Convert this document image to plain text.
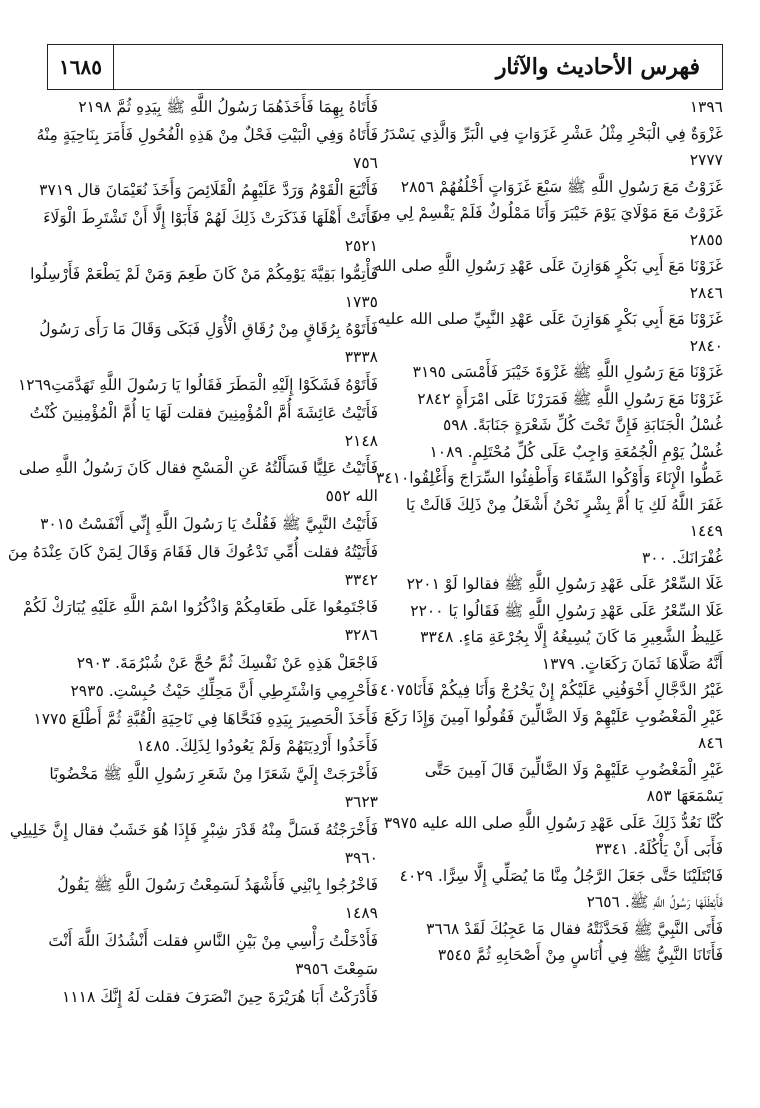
فهرس الأحاديث والآثار
١٦٨٥
١٣٩٦
غَزْوَةٌ فِي الْبَحْرِ مِثْلُ عَشْرِ غَزَوَاتٍ فِي الْبَرِّ وَالَّذِي يَسْدَرُ
٢٧٧٧
غَزَوْتُ مَعَ رَسُولِ اللَّهِ ﷺ سَبْعَ غَزَوَاتٍ أَخْلُفُهُمْ ٢٨٥٦
غَزَوْتُ مَعَ مَوْلَايَ يَوْمَ خَيْبَرَ وَأَنَا مَمْلُوكٌ فَلَمْ يَقْسِمْ لِي مِنَ
٢٨٥٥
غَزَوْنَا مَعَ أَبِي بَكْرٍ هَوَازِنَ عَلَى عَهْدِ رَسُولِ اللَّهِ صلى الله
٢٨٤٦
غَزَوْنَا مَعَ أَبِي بَكْرٍ هَوَازِنَ عَلَى عَهْدِ النَّبِيِّ صلى الله عليه
٢٨٤٠
غَزَوْنَا مَعَ رَسُولِ اللَّهِ ﷺ غَزْوَةَ خَيْبَرَ فَأَمْسَى ٣١٩٥
غَزَوْنَا مَعَ رَسُولِ اللَّهِ ﷺ فَمَرَرْنَا عَلَى امْرَأَةٍ ٢٨٤٢
غُسْلُ الْجَنَابَةِ فَإِنَّ تَحْتَ كُلِّ شَعْرَةٍ جَنَابَةً. ٥٩٨
غُسْلُ يَوْمِ الْجُمُعَةِ وَاجِبٌ عَلَى كُلِّ مُحْتَلِمٍ. ١٠٨٩
غَطُّوا الْإِنَاءَ وَأَوْكُوا السِّقَاءَ وَأَطْفِئُوا السِّرَاجَ وَأَغْلِقُوا٣٤١٠
غَفَرَ اللَّهُ لَكِ يَا أُمَّ بِشْرٍ نَحْنُ أَشْغَلُ مِنْ ذَلِكَ قَالَتْ يَا
١٤٤٩
غُفْرَانَكَ. ٣٠٠
غَلَا السِّعْرُ عَلَى عَهْدِ رَسُولِ اللَّهِ ﷺ فقالوا لَوْ ٢٢٠١
غَلَا السِّعْرُ عَلَى عَهْدِ رَسُولِ اللَّهِ ﷺ فَقَالُوا يَا ٢٢٠٠
غَلِيظُ الشَّعِيرِ مَا كَانَ يُسِيغُهُ إِلَّا بِجُرْعَةِ مَاءٍ. ٣٣٤٨
أَنَّهُ صَلَّاهَا ثَمَانَ رَكَعَاتٍ. ١٣٧٩
غَيْرُ الدَّجَّالِ أَخْوَفُنِي عَلَيْكُمْ إِنْ يَخْرُجْ وَأَنَا فِيكُمْ فَأَنَا٤٠٧٥
غَيْرِ الْمَغْضُوبِ عَلَيْهِمْ وَلَا الضَّالِّينَ فَقُولُوا آمِينَ وَإِذَا رَكَعَ
٨٤٦
غَيْرِ الْمَغْضُوبِ عَلَيْهِمْ وَلَا الضَّالِّينَ قَالَ آمِينَ حَتَّى
يَسْمَعَهَا ٨٥٣
كُنَّا نَعُدُّ ذَلِكَ عَلَى عَهْدِ رَسُولِ اللَّهِ صلى الله عليه ٣٩٧٥
فَأَبَى أَنْ يَأْكُلَهُ. ٣٣٤١
فَابْتَلَيْنَا حَتَّى جَعَلَ الرَّجُلُ مِنَّا مَا يُصَلِّي إِلَّا سِرًّا. ٤٠٢٩
فَأَبْطَلَهَا رَسُولُ اللَّهِ ﷺ. ٢٦٥٦
فَأَتَى النَّبِيَّ ﷺ فَحَدَّثَتْهُ فقال مَا عَجِبُكَ لَقَدْ ٣٦٦٨
فَأَتَانَا النَّبِيُّ ﷺ فِي أُنَاسٍ مِنْ أَصْحَابِهِ ثُمَّ ٣٥٤٥
فَأَتَاهُ بِهِمَا فَأَخَذَهُمَا رَسُولُ اللَّهِ ﷺ بِيَدِهِ ثُمَّ ٢١٩٨
فَأَتَاهُ وَفِي الْبَيْتِ فَحْلٌ مِنْ هَذِهِ الْفُحُولِ فَأَمَرَ بِنَاحِيَةٍ مِنْهُ
٧٥٦
فَأَتْبَعَ الْقَوْمُ وَرَدَّ عَلَيْهِمُ الْقَلَائِصَ وَأَخَذَ نُعَيْمَانَ قال ٣٧١٩
فَأَتَتْ أَهْلَهَا فَذَكَرَتْ ذَلِكَ لَهُمْ فَأَبَوْا إِلَّا أَنْ تَشْتَرِطَ الْوَلَاءَ
٢٥٢١
فَأْتِمُّوا بَقِيَّةَ يَوْمِكُمْ مَنْ كَانَ طَعِمَ وَمَنْ لَمْ يَطْعَمْ فَأَرْسِلُوا
١٧٣٥
فَأَتَوْهُ بِرُقَاقٍ مِنْ رُقَاقِ الْأُوَلِ فَبَكَى وَقَالَ مَا رَأَى رَسُولُ
٣٣٣٨
فَأَتَوْهُ فَشَكَوْا إِلَيْهِ الْمَطَرَ فَقَالُوا يَا رَسُولَ اللَّهِ تَهَدَّمَتِ١٢٦٩
فَأَتَيْتُ عَائِشَةَ أُمَّ الْمُؤْمِنِينَ فقلت لَهَا يَا أُمَّ الْمُؤْمِنِينَ كُنْتُ
٢١٤٨
فَأَتَيْتُ عَلِيًّا فَسَأَلْتُهُ عَنِ الْمَسْحِ فقال كَانَ رَسُولُ اللَّهِ صلى
الله ٥٥٢
فَأَتَيْتُ النَّبِيَّ ﷺ فَقُلْتُ يَا رَسُولَ اللَّهِ إِنِّي أَنْفَسْتُ ٣٠١٥
فَأَتَيْتُهُ فقلت أُمِّي تَدْعُوكَ قال فَقَامَ وَقَالَ لِمَنْ كَانَ عِنْدَهُ مِنَ
٣٣٤٢
فَاجْتَمِعُوا عَلَى طَعَامِكُمْ وَاذْكُرُوا اسْمَ اللَّهِ عَلَيْهِ يُبَارَكْ لَكُمْ
٣٢٨٦
فَاجْعَلْ هَذِهِ عَنْ نَفْسِكَ ثُمَّ حُجَّ عَنْ شُبْرُمَةَ. ٢٩٠٣
فَأَحْرِمِي وَاشْتَرِطِي أَنَّ مَحِلِّكِ حَيْثُ حُبِسْتِ. ٢٩٣٥
فَأَخَذَ الْحَصِيرَ بِيَدِهِ فَنَحَّاهَا فِي نَاحِيَةِ الْقُبَّةِ ثُمَّ أَطْلَعَ ١٧٧٥
فَأَخَذُوا أَرْدِيَتَهُمْ وَلَمْ يَعُودُوا لِذَلِكَ. ١٤٨٥
فَأَخْرَجَتْ إِلَيَّ شَعَرًا مِنْ شَعَرِ رَسُولِ اللَّهِ ﷺ مَخْضُوبًا
٣٦٢٣
فَأَخْرَجْتُهُ فَسَلَّ مِنْهُ قَدْرَ شِبْرٍ فَإِذَا هُوَ خَشَبٌ فقال إِنَّ خَلِيلِي
٣٩٦٠
فَاخْرُجُوا بِابْنِي فَأَشْهَدُ لَسَمِعْتُ رَسُولَ اللَّهِ ﷺ يَقُولُ
١٤٨٩
فَأَدْخَلْتُ رَأْسِي مِنْ بَيْنِ النَّاسِ فقلت أَنْشُدُكَ اللَّهَ أَنْتَ
سَمِعْتَ ٣٩٥٦
فَأَدْرَكْتُ أَبَا هُرَيْرَةَ حِينَ انْصَرَفَ فقلت لَهُ إِنَّكَ ١١١٨
